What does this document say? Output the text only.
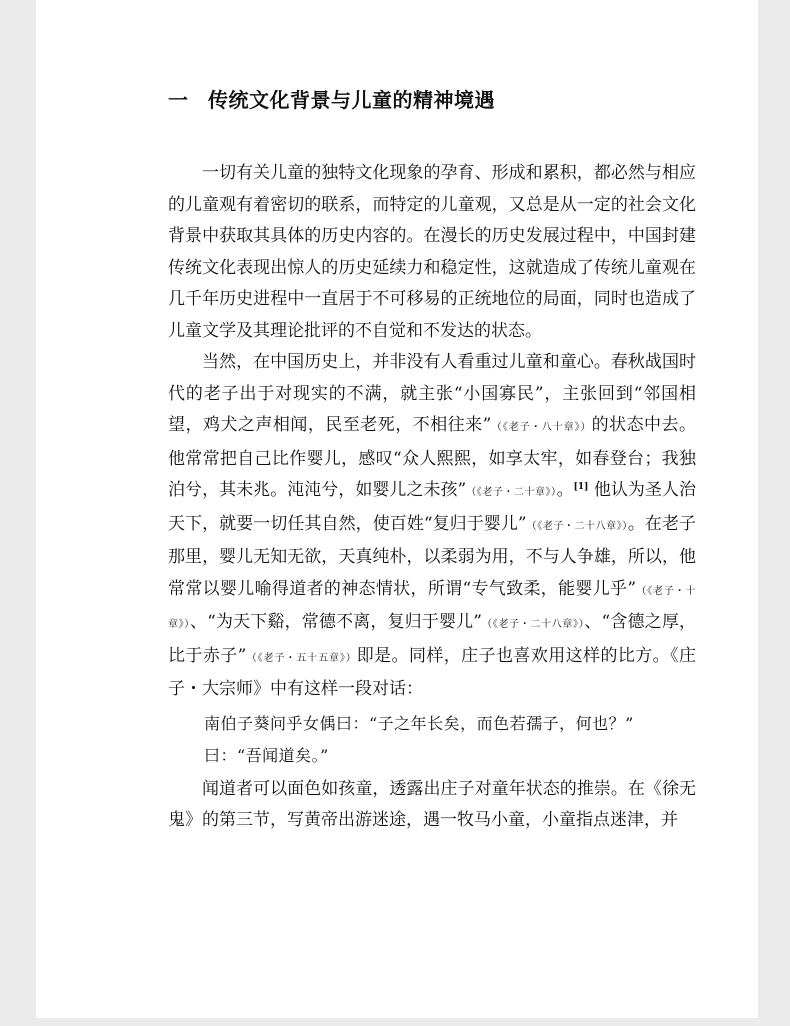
一 传统文化背景与儿童的精神境遇

一切有关儿童的独特文化现象的孕育、形成和累积，都必然与相应的儿童观有着密切的联系，而特定的儿童观，又总是从一定的社会文化背景中获取其具体的历史内容的。在漫长的历史发展过程中，中国封建传统文化表现出惊人的历史延续力和稳定性，这就造成了传统儿童观在几千年历史进程中一直居于不可移易的正统地位的局面，同时也造成了儿童文学及其理论批评的不自觉和不发达的状态。

当然，在中国历史上，并非没有人看重过儿童和童心。春秋战国时代的老子出于对现实的不满，就主张“小国寡民”，主张回到“邻国相望，鸡犬之声相闻，民至老死，不相往来”（《老子・八十章》）的状态中去。他常常把自己比作婴儿，感叹“众人熙熙，如享太牢，如春登台；我独泊兮，其未兆。沌沌兮，如婴儿之未孩”（《老子・二十章》）。[1] 他认为圣人治天下，就要一切任其自然，使百姓“复归于婴儿”（《老子・二十八章》）。在老子那里，婴儿无知无欲，天真纯朴，以柔弱为用，不与人争雄，所以，他常常以婴儿喻得道者的神态情状，所谓“专气致柔，能婴儿乎”（《老子・十章》）、“为天下谿，常德不离，复归于婴儿”（《老子・二十八章》）、“含德之厚，比于赤子”（《老子・五十五章》）即是。同样，庄子也喜欢用这样的比方。《庄子・大宗师》中有这样一段对话：

南伯子葵问乎女偊曰：“子之年长矣，而色若孺子，何也？”

曰：“吾闻道矣。”

闻道者可以面色如孩童，透露出庄子对童年状态的推崇。在《徐无鬼》的第三节，写黄帝出游迷途，遇一牧马小童，小童指点迷津，并
